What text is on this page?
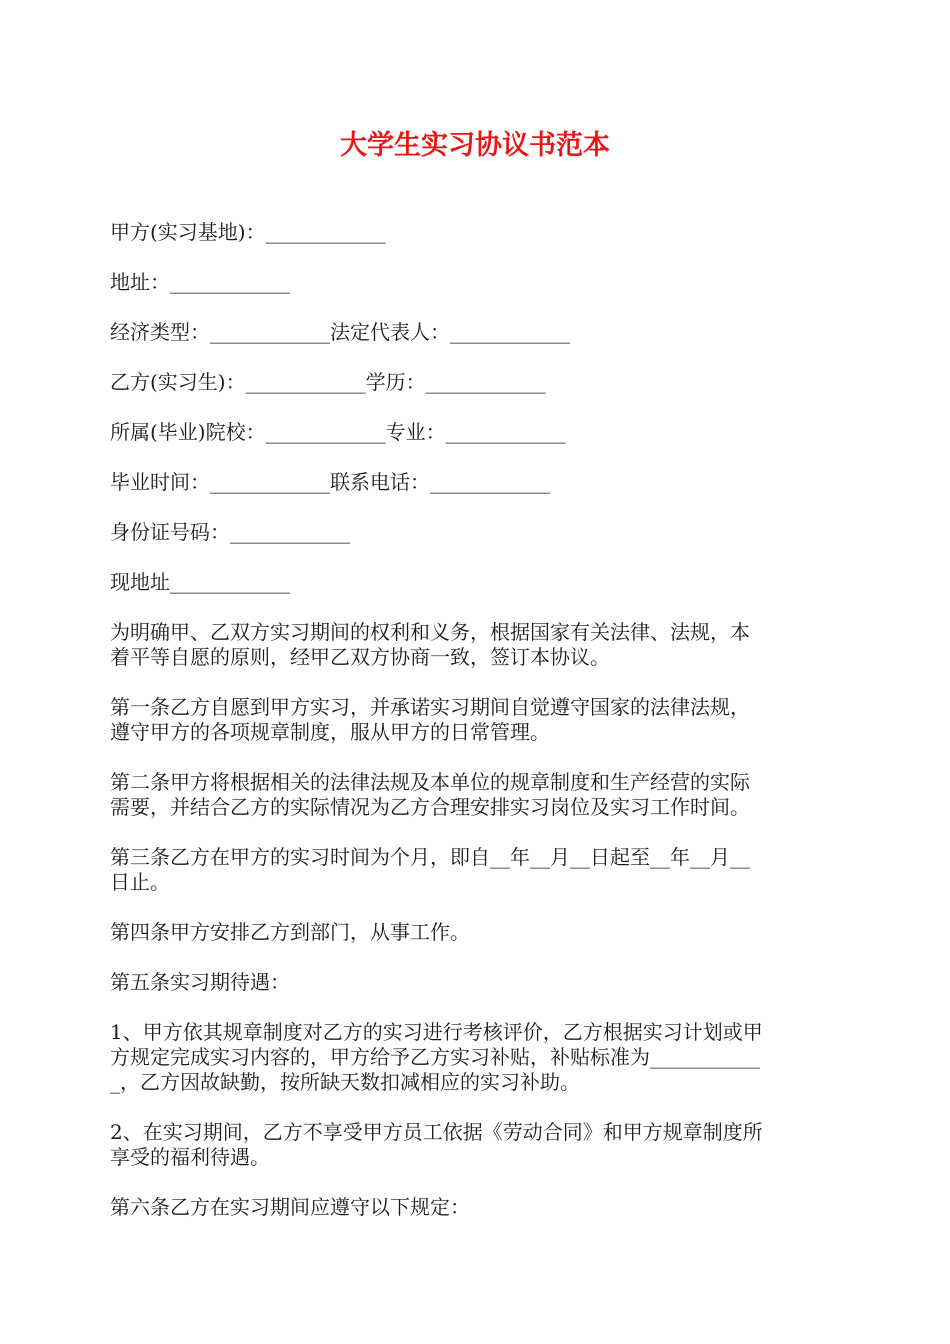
大学生实习协议书范本

甲方(实习基地)：____________

地址：____________

经济类型：____________法定代表人：____________

乙方(实习生)：____________学历：____________

所属(毕业)院校：____________专业：____________

毕业时间：____________联系电话：____________

身份证号码：____________

现地址____________

为明确甲、乙双方实习期间的权利和义务，根据国家有关法律、法规，本
着平等自愿的原则，经甲乙双方协商一致，签订本协议。
第一条乙方自愿到甲方实习，并承诺实习期间自觉遵守国家的法律法规，
遵守甲方的各项规章制度，服从甲方的日常管理。
第二条甲方将根据相关的法律法规及本单位的规章制度和生产经营的实际
需要，并结合乙方的实际情况为乙方合理安排实习岗位及实习工作时间。
第三条乙方在甲方的实习时间为个月，即自__年__月__日起至__年__月__
日止。
第四条甲方安排乙方到部门，从事工作。
第五条实习期待遇：
1、甲方依其规章制度对乙方的实习进行考核评价，乙方根据实习计划或甲
方规定完成实习内容的，甲方给予乙方实习补贴，补贴标准为___________
_，乙方因故缺勤，按所缺天数扣减相应的实习补助。
2、在实习期间，乙方不享受甲方员工依据《劳动合同》和甲方规章制度所
享受的福利待遇。
第六条乙方在实习期间应遵守以下规定：
